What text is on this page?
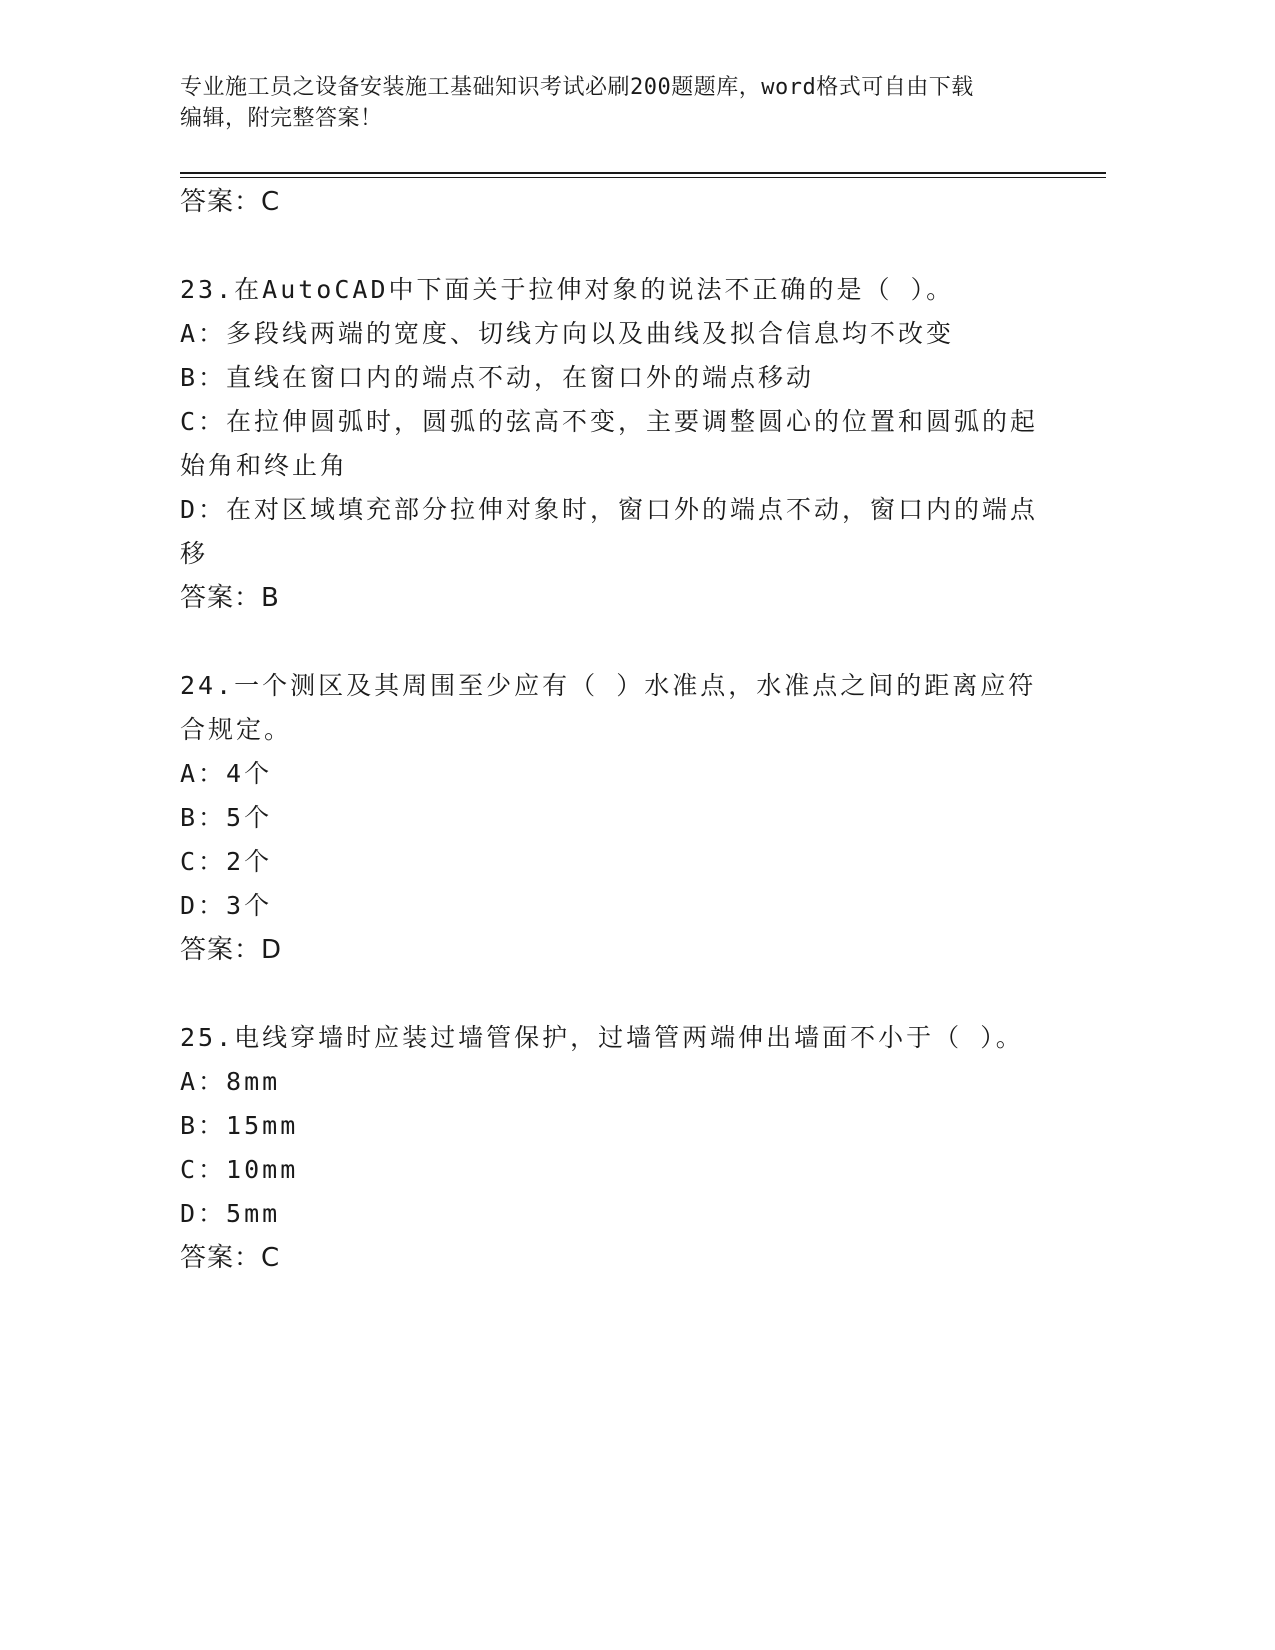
专业施工员之设备安装施工基础知识考试必刷200题题库，word格式可自由下载
编辑，附完整答案！
答案：C
23.在AutoCAD中下面关于拉伸对象的说法不正确的是（ ）。
A：多段线两端的宽度、切线方向以及曲线及拟合信息均不改变
B：直线在窗口内的端点不动，在窗口外的端点移动
C：在拉伸圆弧时，圆弧的弦高不变，主要调整圆心的位置和圆弧的起
始角和终止角
D：在对区域填充部分拉伸对象时，窗口外的端点不动，窗口内的端点
移
答案：B
24.一个测区及其周围至少应有（ ）水准点，水准点之间的距离应符
合规定。
A：4个
B：5个
C：2个
D：3个
答案：D
25.电线穿墙时应装过墙管保护，过墙管两端伸出墙面不小于（ ）。
A：8mm
B：15mm
C：10mm
D：5mm
答案：C
